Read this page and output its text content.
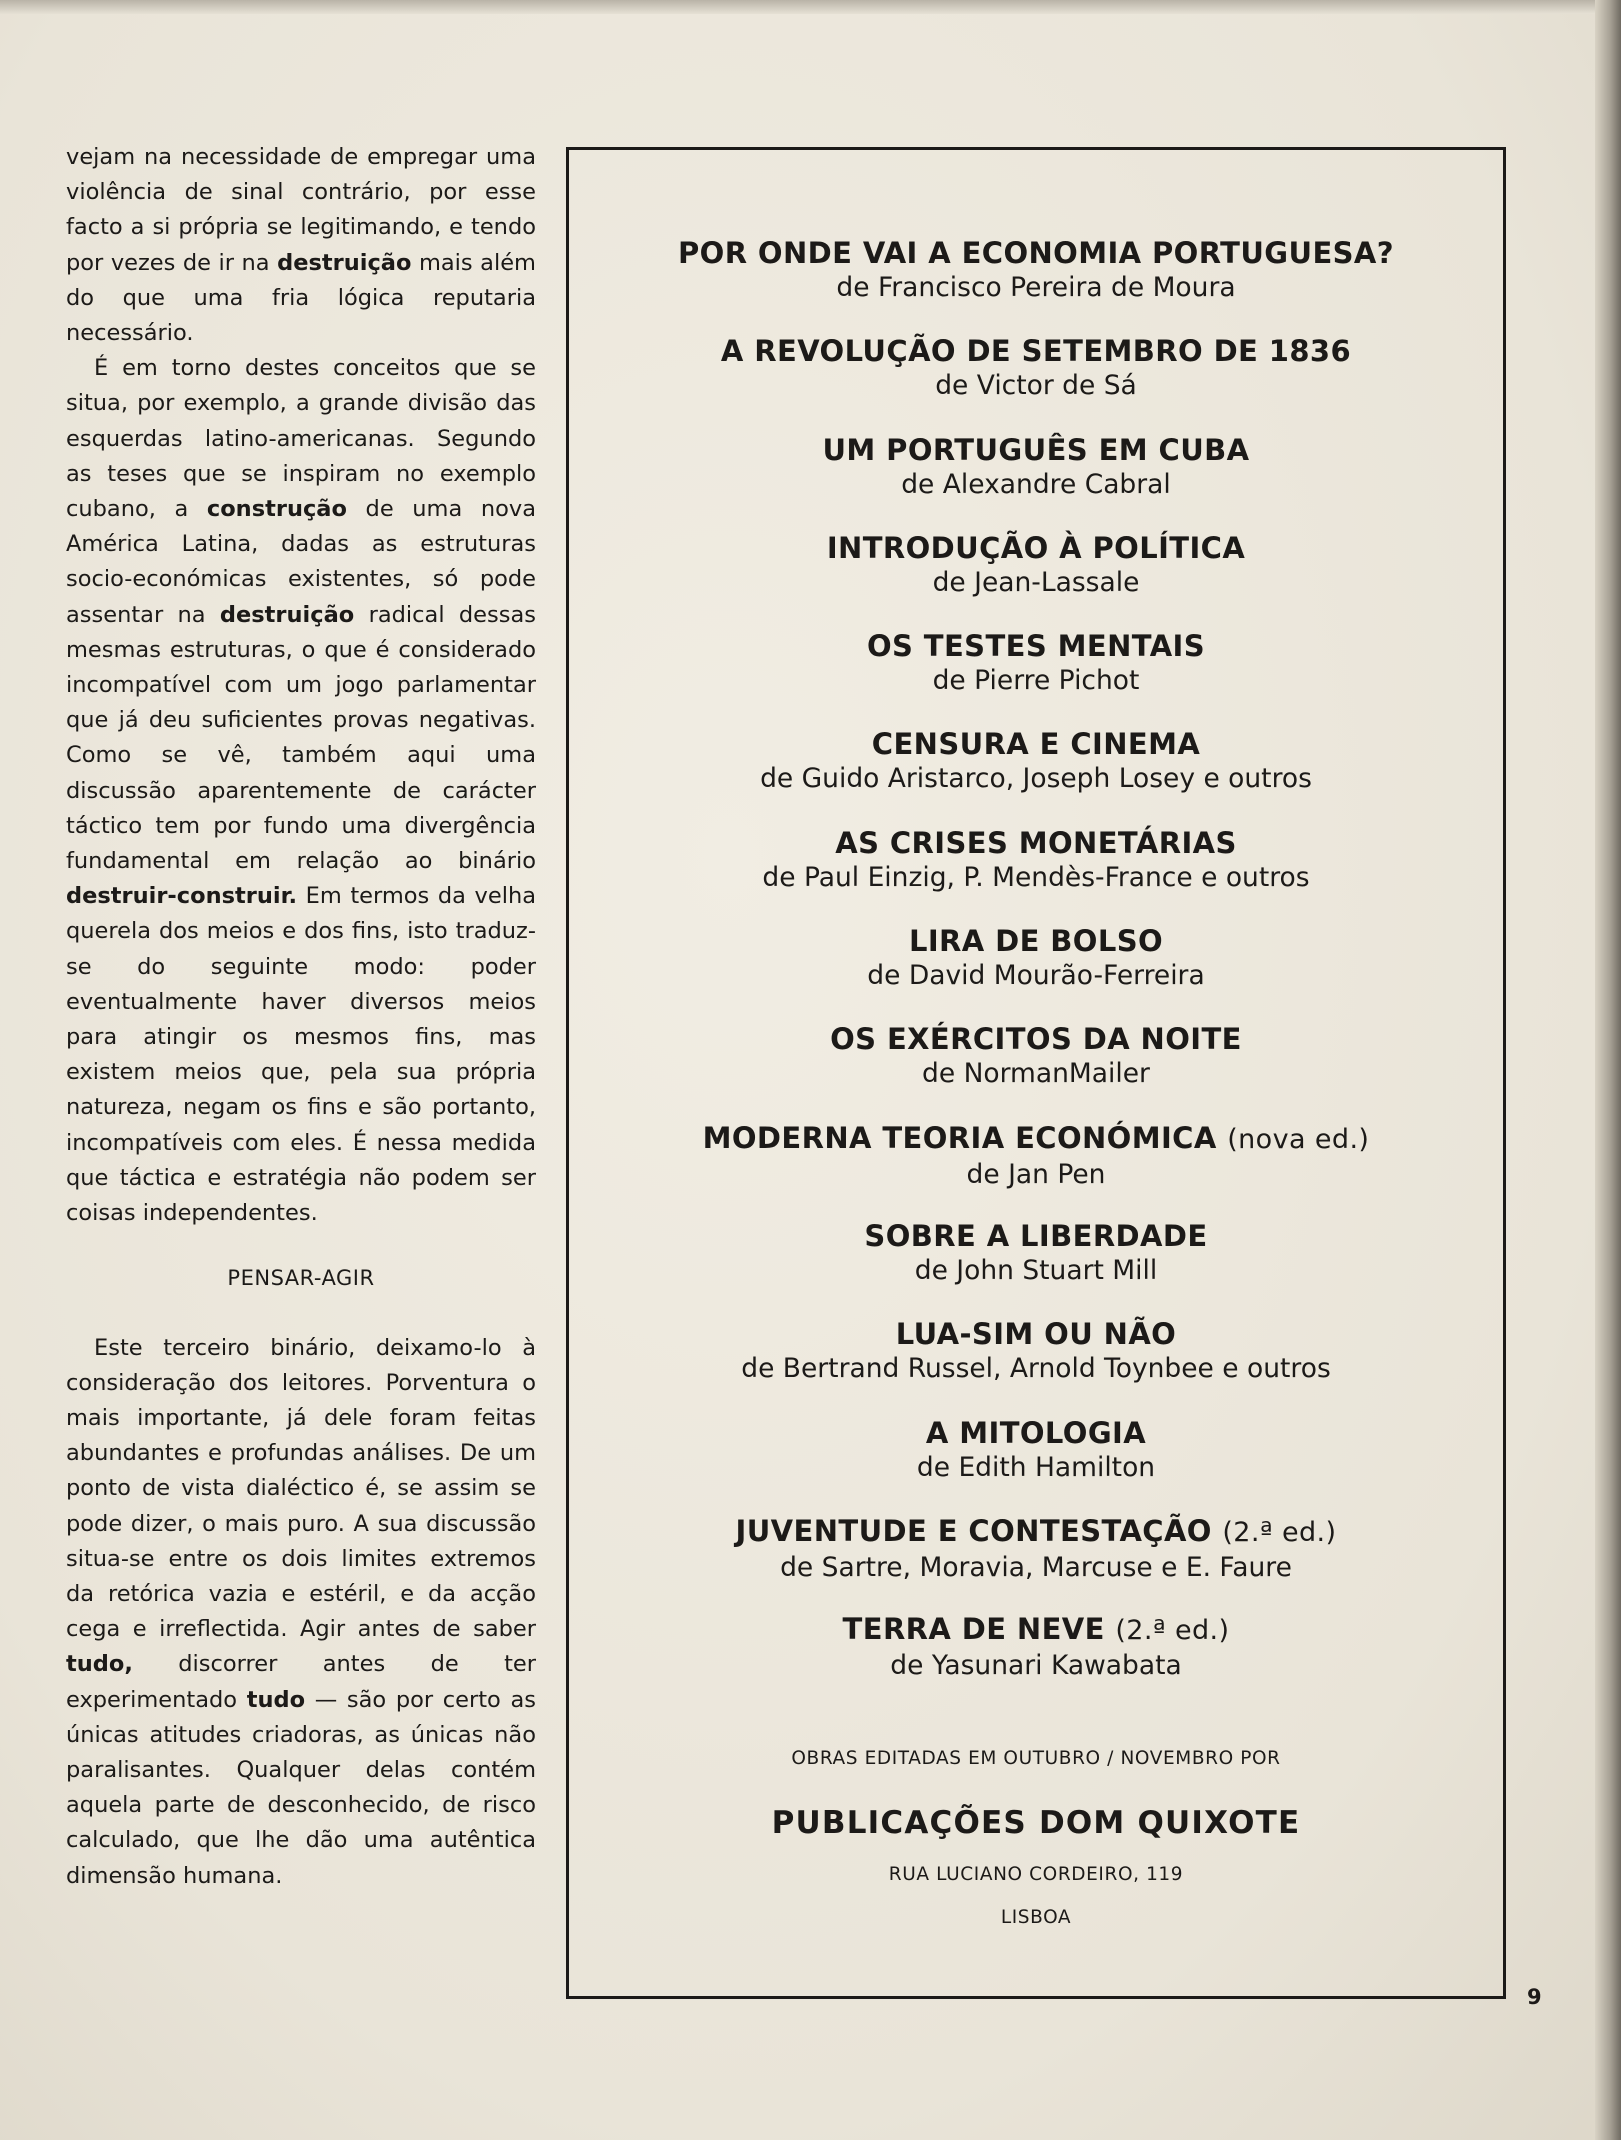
vejam na necessidade de empregar uma violência de sinal contrário, por esse facto a si própria se legitimando, e tendo por vezes de ir na destruição mais além do que uma fria lógica reputaria necessário.

É em torno destes conceitos que se situa, por exemplo, a grande divisão das esquerdas latino-americanas. Segundo as teses que se inspiram no exemplo cubano, a construção de uma nova América Latina, dadas as estruturas socio-económicas existentes, só pode assentar na destruição radical dessas mesmas estruturas, o que é considerado incompatível com um jogo parlamentar que já deu suficientes provas negativas. Como se vê, também aqui uma discussão aparentemente de carácter táctico tem por fundo uma divergência fundamental em relação ao binário destruir-construir. Em termos da velha querela dos meios e dos fins, isto traduz-se do seguinte modo: poder eventualmente haver diversos meios para atingir os mesmos fins, mas existem meios que, pela sua própria natureza, negam os fins e são portanto, incompatíveis com eles. É nessa medida que táctica e estratégia não podem ser coisas independentes.

PENSAR-AGIR

Este terceiro binário, deixamo-lo à consideração dos leitores. Porventura o mais importante, já dele foram feitas abundantes e profundas análises. De um ponto de vista dialéctico é, se assim se pode dizer, o mais puro. A sua discussão situa-se entre os dois limites extremos da retórica vazia e estéril, e da acção cega e irreflectida. Agir antes de saber tudo, discorrer antes de ter experimentado tudo — são por certo as únicas atitudes criadoras, as únicas não paralisantes. Qualquer delas contém aquela parte de desconhecido, de risco calculado, que lhe dão uma autêntica dimensão humana.

POR ONDE VAI A ECONOMIA PORTUGUESA?
de Francisco Pereira de Moura
A REVOLUÇÃO DE SETEMBRO DE 1836
de Victor de Sá
UM PORTUGUÊS EM CUBA
de Alexandre Cabral
INTRODUÇÃO À POLÍTICA
de Jean-Lassale
OS TESTES MENTAIS
de Pierre Pichot
CENSURA E CINEMA
de Guido Aristarco, Joseph Losey e outros
AS CRISES MONETÁRIAS
de Paul Einzig, P. Mendès-France e outros
LIRA DE BOLSO
de David Mourão-Ferreira
OS EXÉRCITOS DA NOITE
de NormanMailer
MODERNA TEORIA ECONÓMICA (nova ed.)
de Jan Pen
SOBRE A LIBERDADE
de John Stuart Mill
LUA-SIM OU NÃO
de Bertrand Russel, Arnold Toynbee e outros
A MITOLOGIA
de Edith Hamilton
JUVENTUDE E CONTESTAÇÃO (2.ª ed.)
de Sartre, Moravia, Marcuse e E. Faure
TERRA DE NEVE (2.ª ed.)
de Yasunari Kawabata
OBRAS EDITADAS EM OUTUBRO / NOVEMBRO POR
PUBLICAÇÕES DOM QUIXOTE
RUA LUCIANO CORDEIRO, 119
LISBOA
9
